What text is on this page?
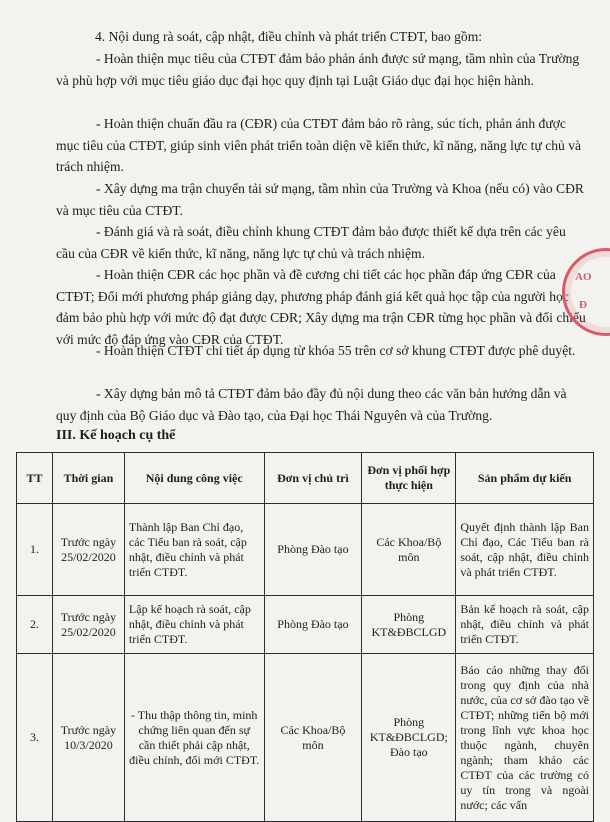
4. Nội dung rà soát, cập nhật, điều chỉnh và phát triển CTĐT, bao gồm:

- Hoàn thiện mục tiêu của CTĐT đảm bảo phản ánh được sứ mạng, tầm nhìn của Trường và phù hợp với mục tiêu giáo dục đại học quy định tại Luật Giáo dục đại học hiện hành.

- Hoàn thiện chuẩn đầu ra (CĐR) của CTĐT đảm bảo rõ ràng, súc tích, phản ánh được mục tiêu của CTĐT, giúp sinh viên phát triển toàn diện về kiến thức, kĩ năng, năng lực tự chủ và trách nhiệm.

- Xây dựng ma trận chuyển tải sứ mạng, tầm nhìn của Trường và Khoa (nếu có) vào CĐR và mục tiêu của CTĐT.

- Đánh giá và rà soát, điều chỉnh khung CTĐT đảm bảo được thiết kế dựa trên các yêu cầu của CĐR về kiến thức, kĩ năng, năng lực tự chủ và trách nhiệm.

- Hoàn thiện CĐR các học phần và đề cương chi tiết các học phần đáp ứng CĐR của CTĐT; Đổi mới phương pháp giảng dạy, phương pháp đánh giá kết quả học tập của người học đảm bảo phù hợp với mức độ đạt được CĐR; Xây dựng ma trận CĐR từng học phần và đối chiếu với mức độ đáp ứng vào CĐR của CTĐT.

- Hoàn thiện CTĐT chi tiết áp dụng từ khóa 55 trên cơ sở khung CTĐT được phê duyệt.

- Xây dựng bản mô tả CTĐT đảm bảo đầy đủ nội dung theo các văn bản hướng dẫn và quy định của Bộ Giáo dục và Đào tạo, của Đại học Thái Nguyên và của Trường.

AO
Đ
III. Kế hoạch cụ thể
TT	Thời gian	Nội dung công việc	Đơn vị chủ trì	Đơn vị phối hợp thực hiện	Sản phẩm dự kiến
1.	Trước ngày 25/02/2020	Thành lập Ban Chỉ đạo, các Tiểu ban rà soát, cập nhật, điều chỉnh và phát triển CTĐT.	Phòng Đào tạo	Các Khoa/Bộ môn	Quyết định thành lập Ban Chỉ đạo, Các Tiểu ban rà soát, cập nhật, điều chỉnh và phát triển CTĐT.
2.	Trước ngày 25/02/2020	Lập kế hoạch rà soát, cập nhật, điều chỉnh và phát triển CTĐT.	Phòng Đào tạo	Phòng KT&ĐBCLGD	Bản kế hoạch rà soát, cập nhật, điều chỉnh và phát triển CTĐT.
3.	Trước ngày 10/3/2020	- Thu thập thông tin, minh chứng liên quan đến sự cần thiết phải cập nhật, điều chỉnh, đổi mới CTĐT.	Các Khoa/Bộ môn	Phòng KT&ĐBCLGD; Đào tạo	Báo cáo những thay đổi trong quy định của nhà nước, của cơ sở đào tạo về CTĐT; những tiến bộ mới trong lĩnh vực khoa học thuộc ngành, chuyên ngành; tham khảo các CTĐT của các trường có uy tín trong và ngoài nước; các vấn
